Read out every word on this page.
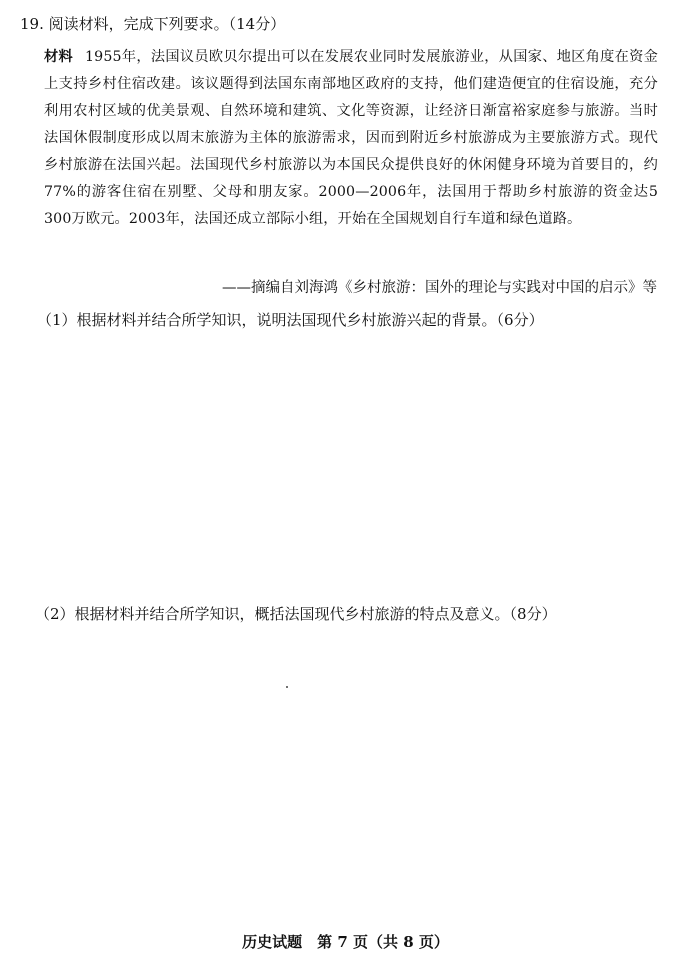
19. 阅读材料，完成下列要求。（14分）
材料 1955年，法国议员欧贝尔提出可以在发展农业同时发展旅游业，从国家、地区角度在资金上支持乡村住宿改建。该议题得到法国东南部地区政府的支持，他们建造便宜的住宿设施，充分利用农村区域的优美景观、自然环境和建筑、文化等资源，让经济日渐富裕家庭参与旅游。当时法国休假制度形成以周末旅游为主体的旅游需求，因而到附近乡村旅游成为主要旅游方式。现代乡村旅游在法国兴起。法国现代乡村旅游以为本国民众提供良好的休闲健身环境为首要目的，约77%的游客住宿在别墅、父母和朋友家。2000—2006年，法国用于帮助乡村旅游的资金达5 300万欧元。2003年，法国还成立部际小组，开始在全国规划自行车道和绿色道路。
——摘编自刘海鸿《乡村旅游：国外的理论与实践对中国的启示》等
（1）根据材料并结合所学知识，说明法国现代乡村旅游兴起的背景。（6分）
（2）根据材料并结合所学知识，概括法国现代乡村旅游的特点及意义。（8分）
历史试题　第 7 页（共 8 页）
